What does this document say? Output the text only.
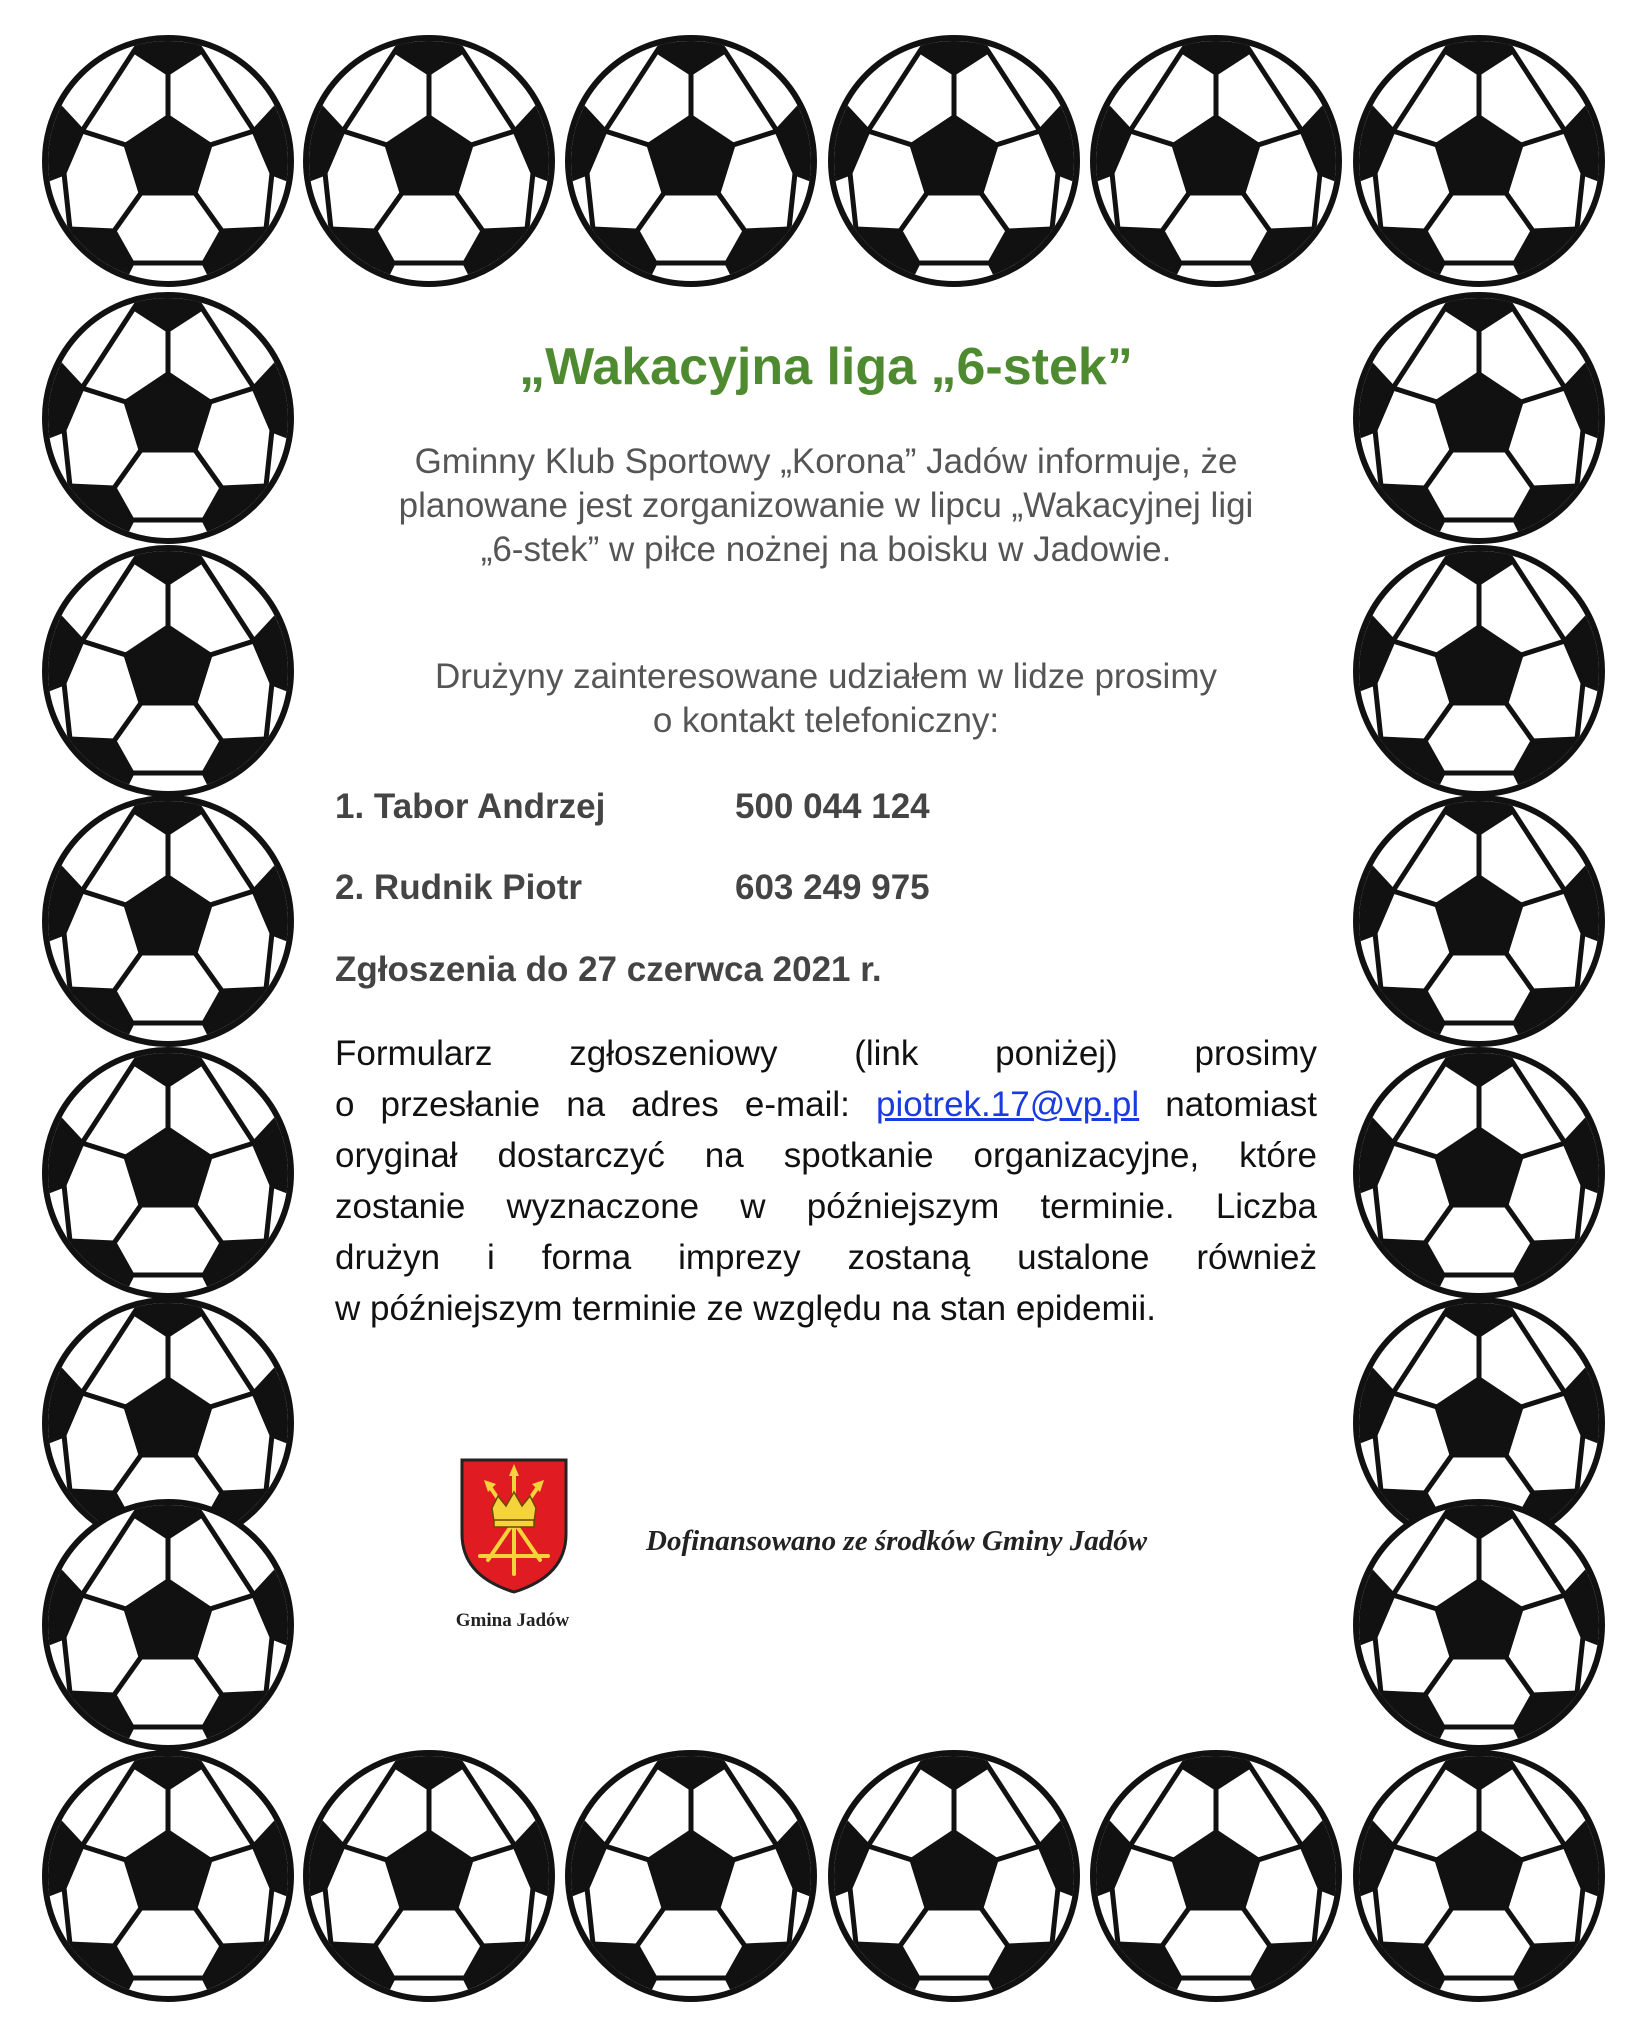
„Wakacyjna liga „6-stek”
Gminny Klub Sportowy „Korona” Jadów informuje, że
planowane jest zorganizowanie w lipcu „Wakacyjnej ligi
„6-stek” w piłce nożnej na boisku w Jadowie.
Drużyny zainteresowane udziałem w lidze prosimy
o kontakt telefoniczny:
1. Tabor Andrzej	500 044 124
2. Rudnik Piotr	603 249 975
Zgłoszenia do 27 czerwca 2021 r.
Formularz zgłoszeniowy (link poniżej) prosimy
o przesłanie na adres e-mail: piotrek.17@vp.pl natomiast
oryginał dostarczyć na spotkanie organizacyjne, które
zostanie wyznaczone w późniejszym terminie. Liczba
drużyn i forma imprezy zostaną ustalone również
w późniejszym terminie ze względu na stan epidemii.
Gmina Jadów
Dofinansowano ze środków Gminy Jadów
